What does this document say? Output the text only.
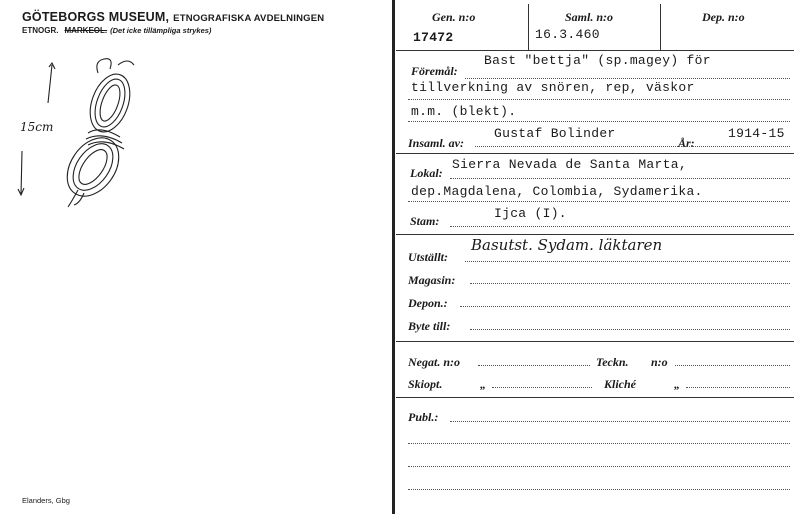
GÖTEBORGS MUSEUM, ETNOGRAFISKA AVDELNINGEN
ETNOGR. MARKEOL. (Det icke tillämpliga strykes)
15cm
Elanders, Gbg
Gen. n:o
17472
Saml. n:o
16.3.460
Dep. n:o
Föremål:
Bast "bettja" (sp.magey) för
tillverkning av snören, rep, väskor
m.m. (blekt).
Insaml. av:
Gustaf Bolinder
År:
1914-15
Lokal:
Sierra Nevada de Santa Marta,
dep.Magdalena, Colombia, Sydamerika.
Stam:	Ijca (I).
Utställt:
Basutst. Sydam. läktaren
Magasin:
Depon.:
Byte till:
Negat. n:o	Teckn. n:o
Skiopt.	„	Kliché	„
Publ.:
